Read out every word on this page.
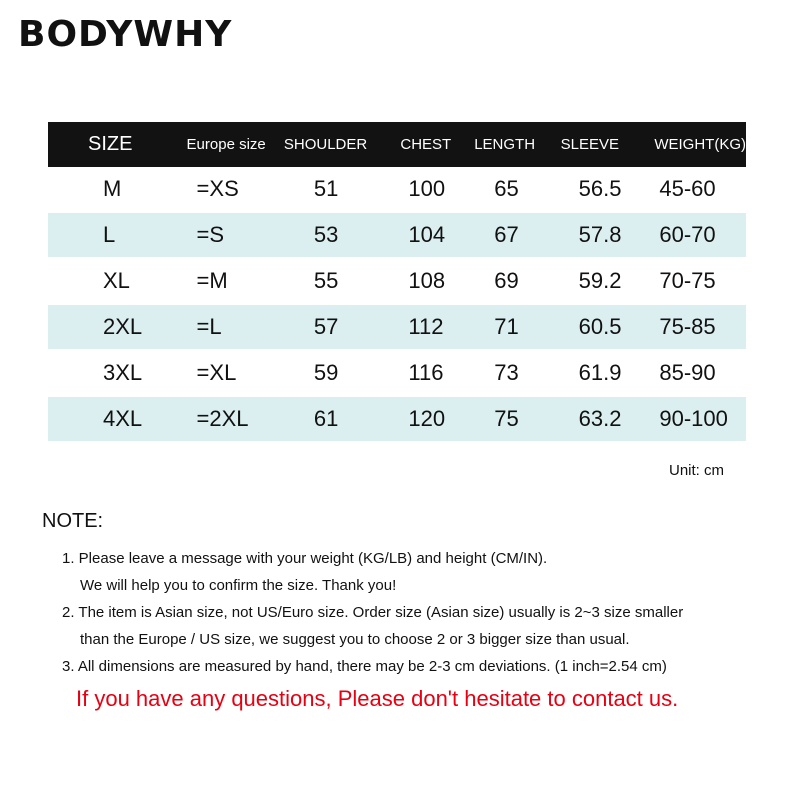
BODYWHY
SIZE	Europe size	SHOULDER	CHEST	LENGTH	SLEEVE	WEIGHT(KG)
M	=XS	51	100	65	56.5	45-60
L	=S	53	104	67	57.8	60-70
XL	=M	55	108	69	59.2	70-75
2XL	=L	57	112	71	60.5	75-85
3XL	=XL	59	116	73	61.9	85-90
4XL	=2XL	61	120	75	63.2	90-100
Unit: cm
NOTE:
1. Please leave a message with your weight (KG/LB) and height (CM/IN).
We will help you to confirm the size. Thank you!
2. The item is Asian size, not US/Euro size. Order size (Asian size) usually is 2~3 size smaller
than the Europe / US size, we suggest you to choose 2 or 3 bigger size than usual.
3. All dimensions are measured by hand, there may be 2-3 cm deviations. (1 inch=2.54 cm)
If you have any questions, Please don't hesitate to contact us.
